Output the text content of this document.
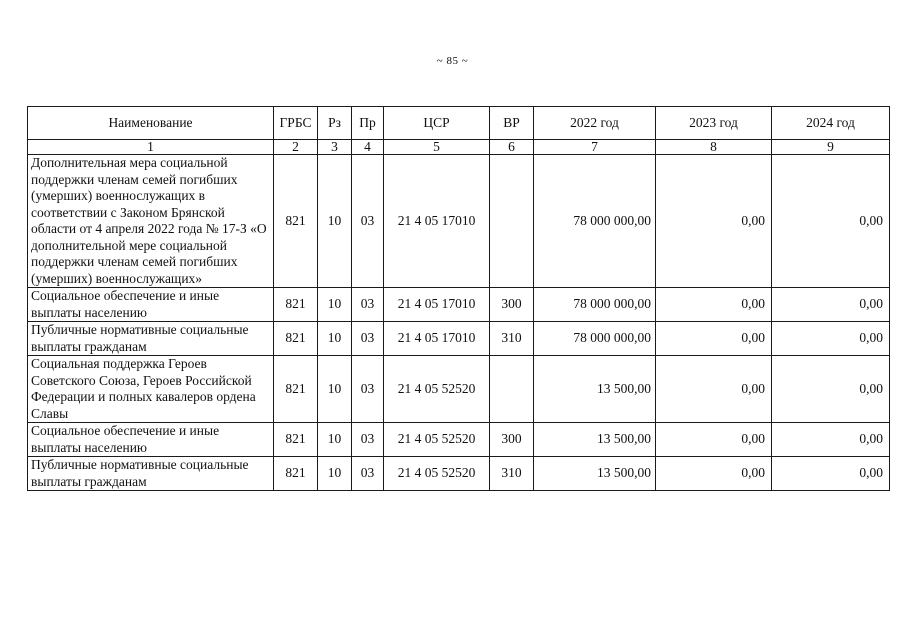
~ 85 ~
Наименование	ГРБС	Рз	Пр	ЦСР	ВР	2022 год	2023 год	2024 год
1	2	3	4	5	6	7	8	9
Дополнительная мера социальной поддержки членам семей погибших (умерших) военнослужащих в соответствии с Законом Брянской области от 4 апреля 2022 года № 17-З «О дополнительной мере социальной поддержки членам семей погибших (умерших) военнослужащих»	821	10	03	21 4 05 17010		78 000 000,00	0,00	0,00
Социальное обеспечение и иные выплаты населению	821	10	03	21 4 05 17010	300	78 000 000,00	0,00	0,00
Публичные нормативные социальные выплаты гражданам	821	10	03	21 4 05 17010	310	78 000 000,00	0,00	0,00
Социальная поддержка Героев Советского Союза, Героев Российской Федерации и полных кавалеров ордена Славы	821	10	03	21 4 05 52520		13 500,00	0,00	0,00
Социальное обеспечение и иные выплаты населению	821	10	03	21 4 05 52520	300	13 500,00	0,00	0,00
Публичные нормативные социальные выплаты гражданам	821	10	03	21 4 05 52520	310	13 500,00	0,00	0,00
